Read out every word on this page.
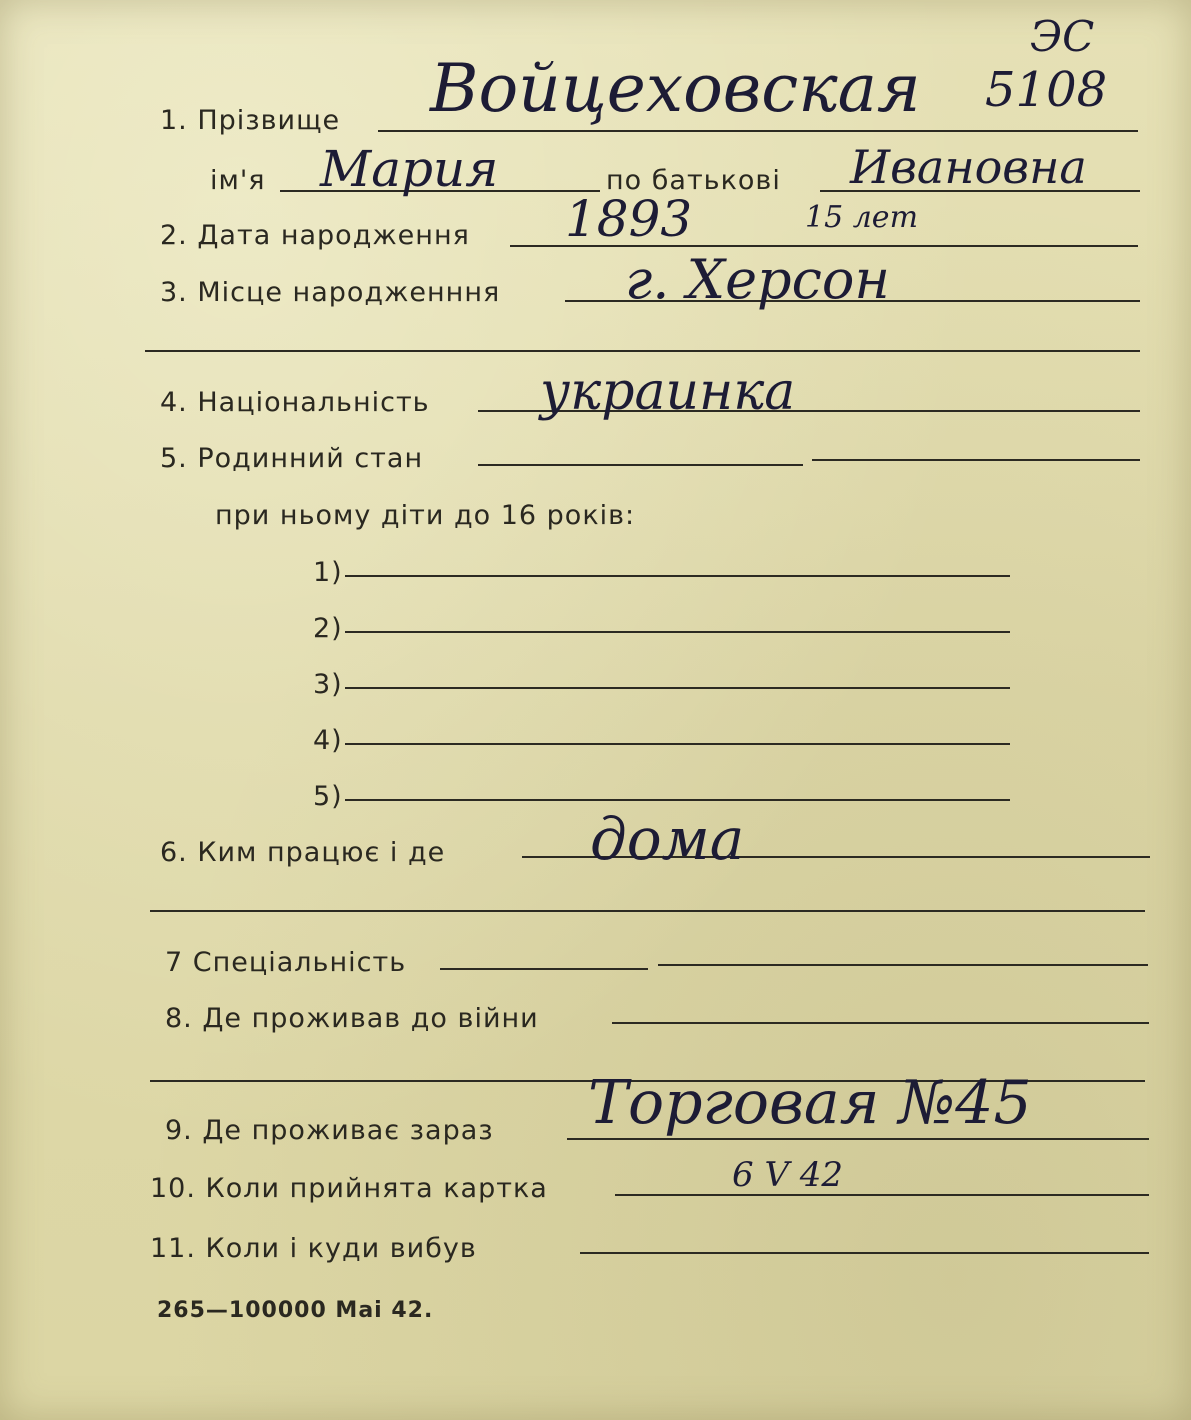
ЭС
5108
1. Прізвище Войцеховская
ім'я Мария	по батькові Ивановна
2. Дата народження 1893	15 лет
3. Місце народженння г. Херсон
4. Національність украинка
5. Родинний стан
при ньому діти до 16 років:
1)
2)
3)
4)
5)
6. Ким працює і де дома
7 Спеціальність
8. Де проживав до війни
9. Де проживає зараз Торговая №45
10. Коли прийнята картка	6 V 42
11. Коли і куди вибув
265—100000 Mai 42.
